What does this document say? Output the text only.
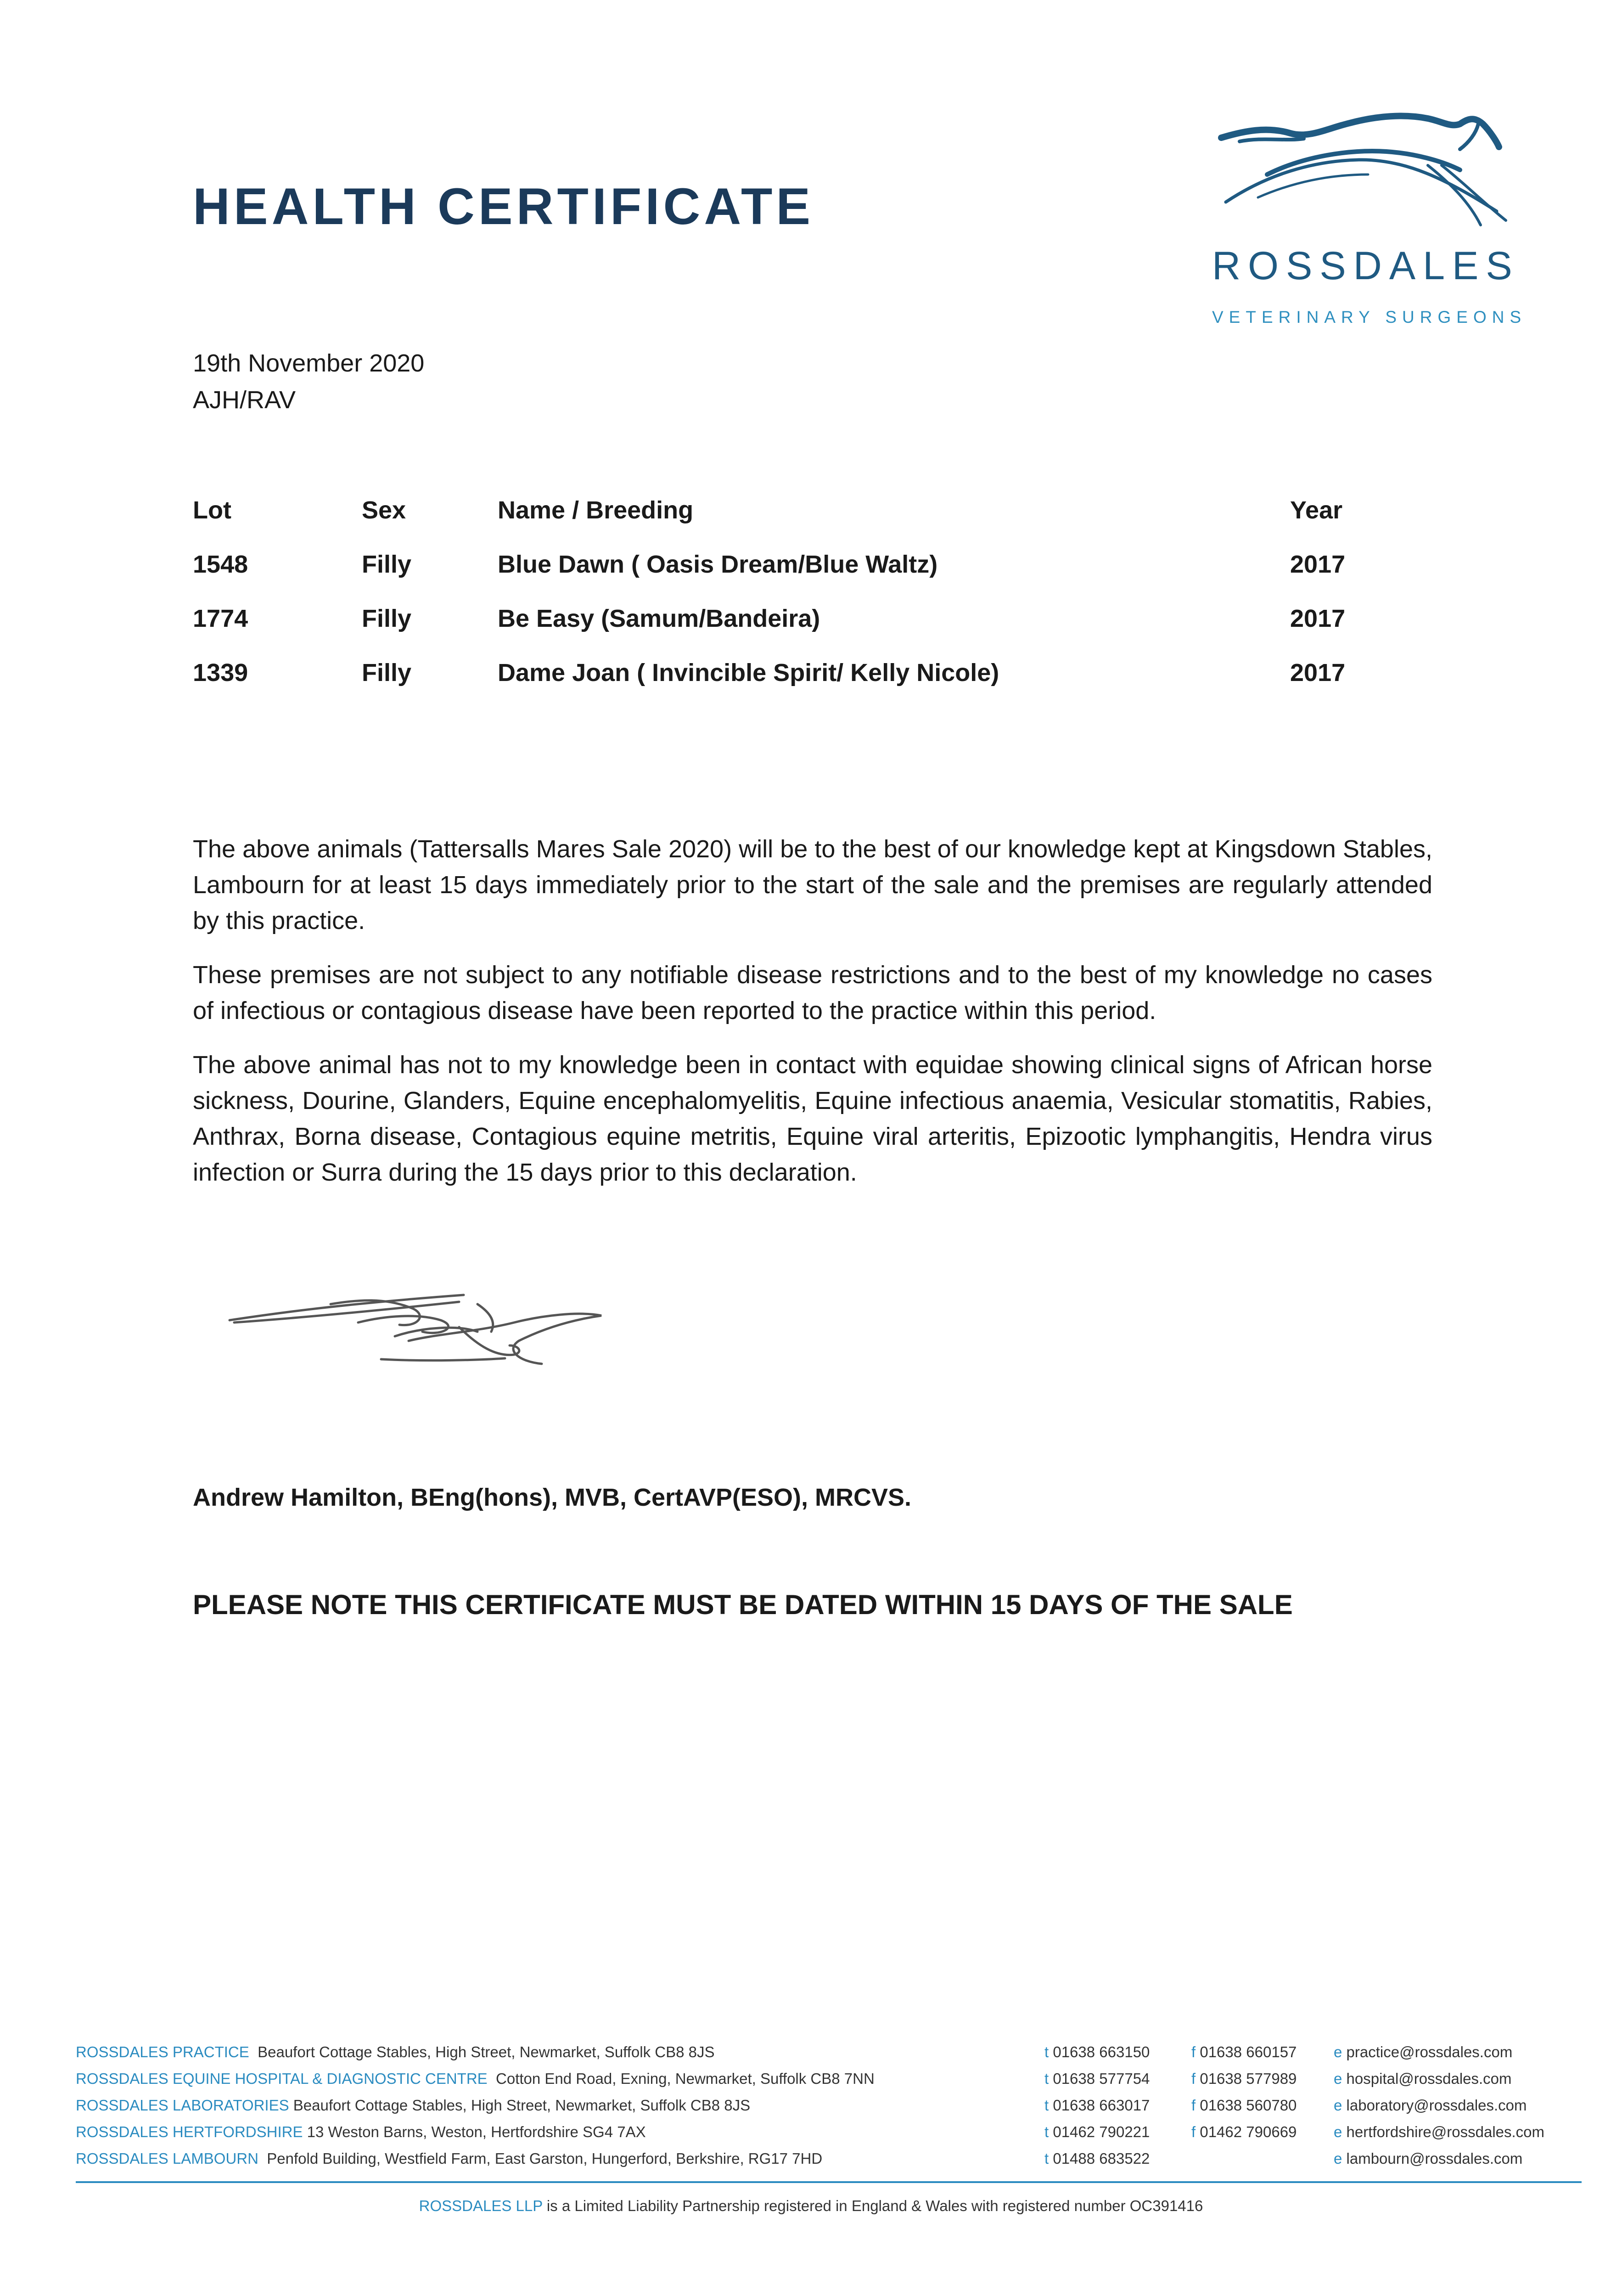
HEALTH CERTIFICATE
ROSSDALES
VETERINARY SURGEONS
19th November 2020
AJH/RAV
Lot	Sex	Name / Breeding	Year
1548	Filly	Blue Dawn ( Oasis Dream/Blue Waltz)	2017
1774	Filly	Be Easy (Samum/Bandeira)	2017
1339	Filly	Dame Joan ( Invincible Spirit/ Kelly Nicole)	2017

The above animals (Tattersalls Mares Sale 2020) will be to the best of our knowledge kept at Kingsdown Stables, Lambourn for at least 15 days immediately prior to the start of the sale and the premises are regularly attended by this practice.

These premises are not subject to any notifiable disease restrictions and to the best of my knowledge no cases of infectious or contagious disease have been reported to the practice within this period.

The above animal has not to my knowledge been in contact with equidae showing clinical signs of African horse sickness, Dourine, Glanders, Equine encephalomyelitis, Equine infectious anaemia, Vesicular stomatitis, Rabies, Anthrax, Borna disease, Contagious equine metritis, Equine viral arteritis, Epizootic lymphangitis, Hendra virus infection or Surra during the 15 days prior to this declaration.

Andrew Hamilton, BEng(hons), MVB, CertAVP(ESO), MRCVS.
PLEASE NOTE THIS CERTIFICATE MUST BE DATED WITHIN 15 DAYS OF THE SALE
ROSSDALES PRACTICE Beaufort Cottage Stables, High Street, Newmarket, Suffolk CB8 8JS	t 01638 663150	f 01638 660157 e practice@rossdales.com
ROSSDALES EQUINE HOSPITAL & DIAGNOSTIC CENTRE Cotton End Road, Exning, Newmarket, Suffolk CB8 7NN	t 01638 577754	f 01638 577989 e hospital@rossdales.com
ROSSDALES LABORATORIES Beaufort Cottage Stables, High Street, Newmarket, Suffolk CB8 8JS	t 01638 663017	f 01638 560780 e laboratory@rossdales.com
ROSSDALES HERTFORDSHIRE 13 Weston Barns, Weston, Hertfordshire SG4 7AX	t 01462 790221	f 01462 790669 e hertfordshire@rossdales.com
ROSSDALES LAMBOURN Penfold Building, Westfield Farm, East Garston, Hungerford, Berkshire, RG17 7HD	t 01488 683522	e lambourn@rossdales.com
ROSSDALES LLP is a Limited Liability Partnership registered in England & Wales with registered number OC391416
